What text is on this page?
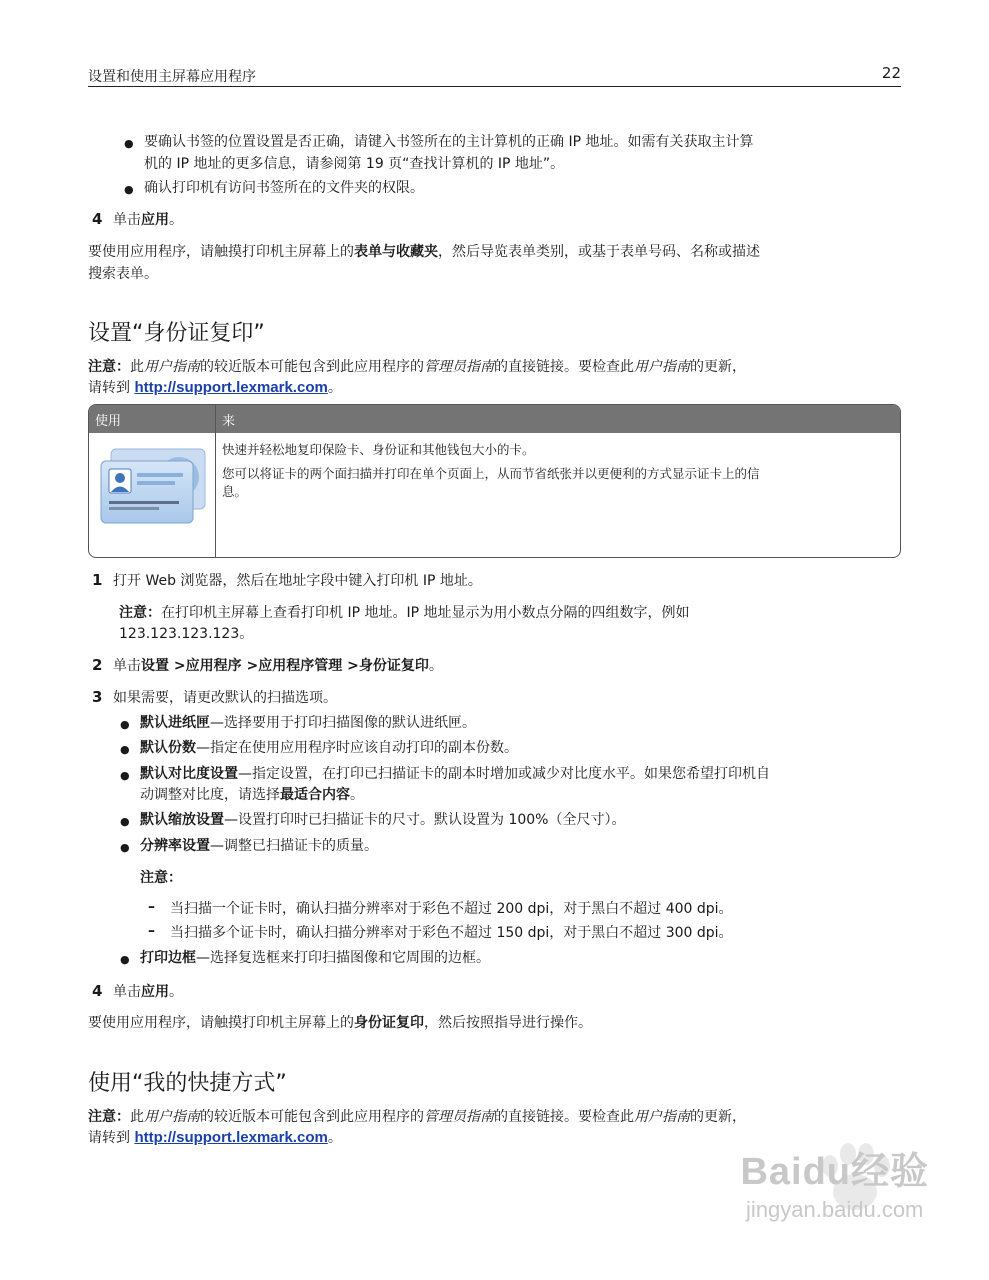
设置和使用主屏幕应用程序	22
● 要确认书签的位置设置是否正确，请键入书签所在的主计算机的正确 IP 地址。如需有关获取主计算
机的 IP 地址的更多信息，请参阅第 19 页“查找计算机的 IP 地址”。
● 确认打印机有访问书签所在的文件夹的权限。
4 单击应用。
要使用应用程序，请触摸打印机主屏幕上的表单与收藏夹，然后导览表单类别，或基于表单号码、名称或描述
搜索表单。
设置“身份证复印”
注意：此用户指南的较近版本可能包含到此应用程序的管理员指南的直接链接。要检查此用户指南的更新，
请转到 http://support.lexmark.com。
使用	来
快速并轻松地复印保险卡、身份证和其他钱包大小的卡。
您可以将证卡的两个面扫描并打印在单个页面上，从而节省纸张并以更便利的方式显示证卡上的信
息。
1 打开 Web 浏览器，然后在地址字段中键入打印机 IP 地址。
注意：在打印机主屏幕上查看打印机 IP 地址。IP 地址显示为用小数点分隔的四组数字，例如
123.123.123.123。
2 单击设置 >应用程序 >应用程序管理 >身份证复印。
3 如果需要，请更改默认的扫描选项。
● 默认进纸匣—选择要用于打印扫描图像的默认进纸匣。
● 默认份数—指定在使用应用程序时应该自动打印的副本份数。
● 默认对比度设置—指定设置，在打印已扫描证卡的副本时增加或减少对比度水平。如果您希望打印机自
动调整对比度，请选择最适合内容。
● 默认缩放设置—设置打印时已扫描证卡的尺寸。默认设置为 100%（全尺寸）。
● 分辨率设置—调整已扫描证卡的质量。
注意：
– 当扫描一个证卡时，确认扫描分辨率对于彩色不超过 200 dpi，对于黑白不超过 400 dpi。
– 当扫描多个证卡时，确认扫描分辨率对于彩色不超过 150 dpi，对于黑白不超过 300 dpi。
● 打印边框—选择复选框来打印扫描图像和它周围的边框。
4 单击应用。
要使用应用程序，请触摸打印机主屏幕上的身份证复印，然后按照指导进行操作。
使用“我的快捷方式”
注意：此用户指南的较近版本可能包含到此应用程序的管理员指南的直接链接。要检查此用户指南的更新，
请转到 http://support.lexmark.com。
Baidu经验
jingyan.baidu.com
